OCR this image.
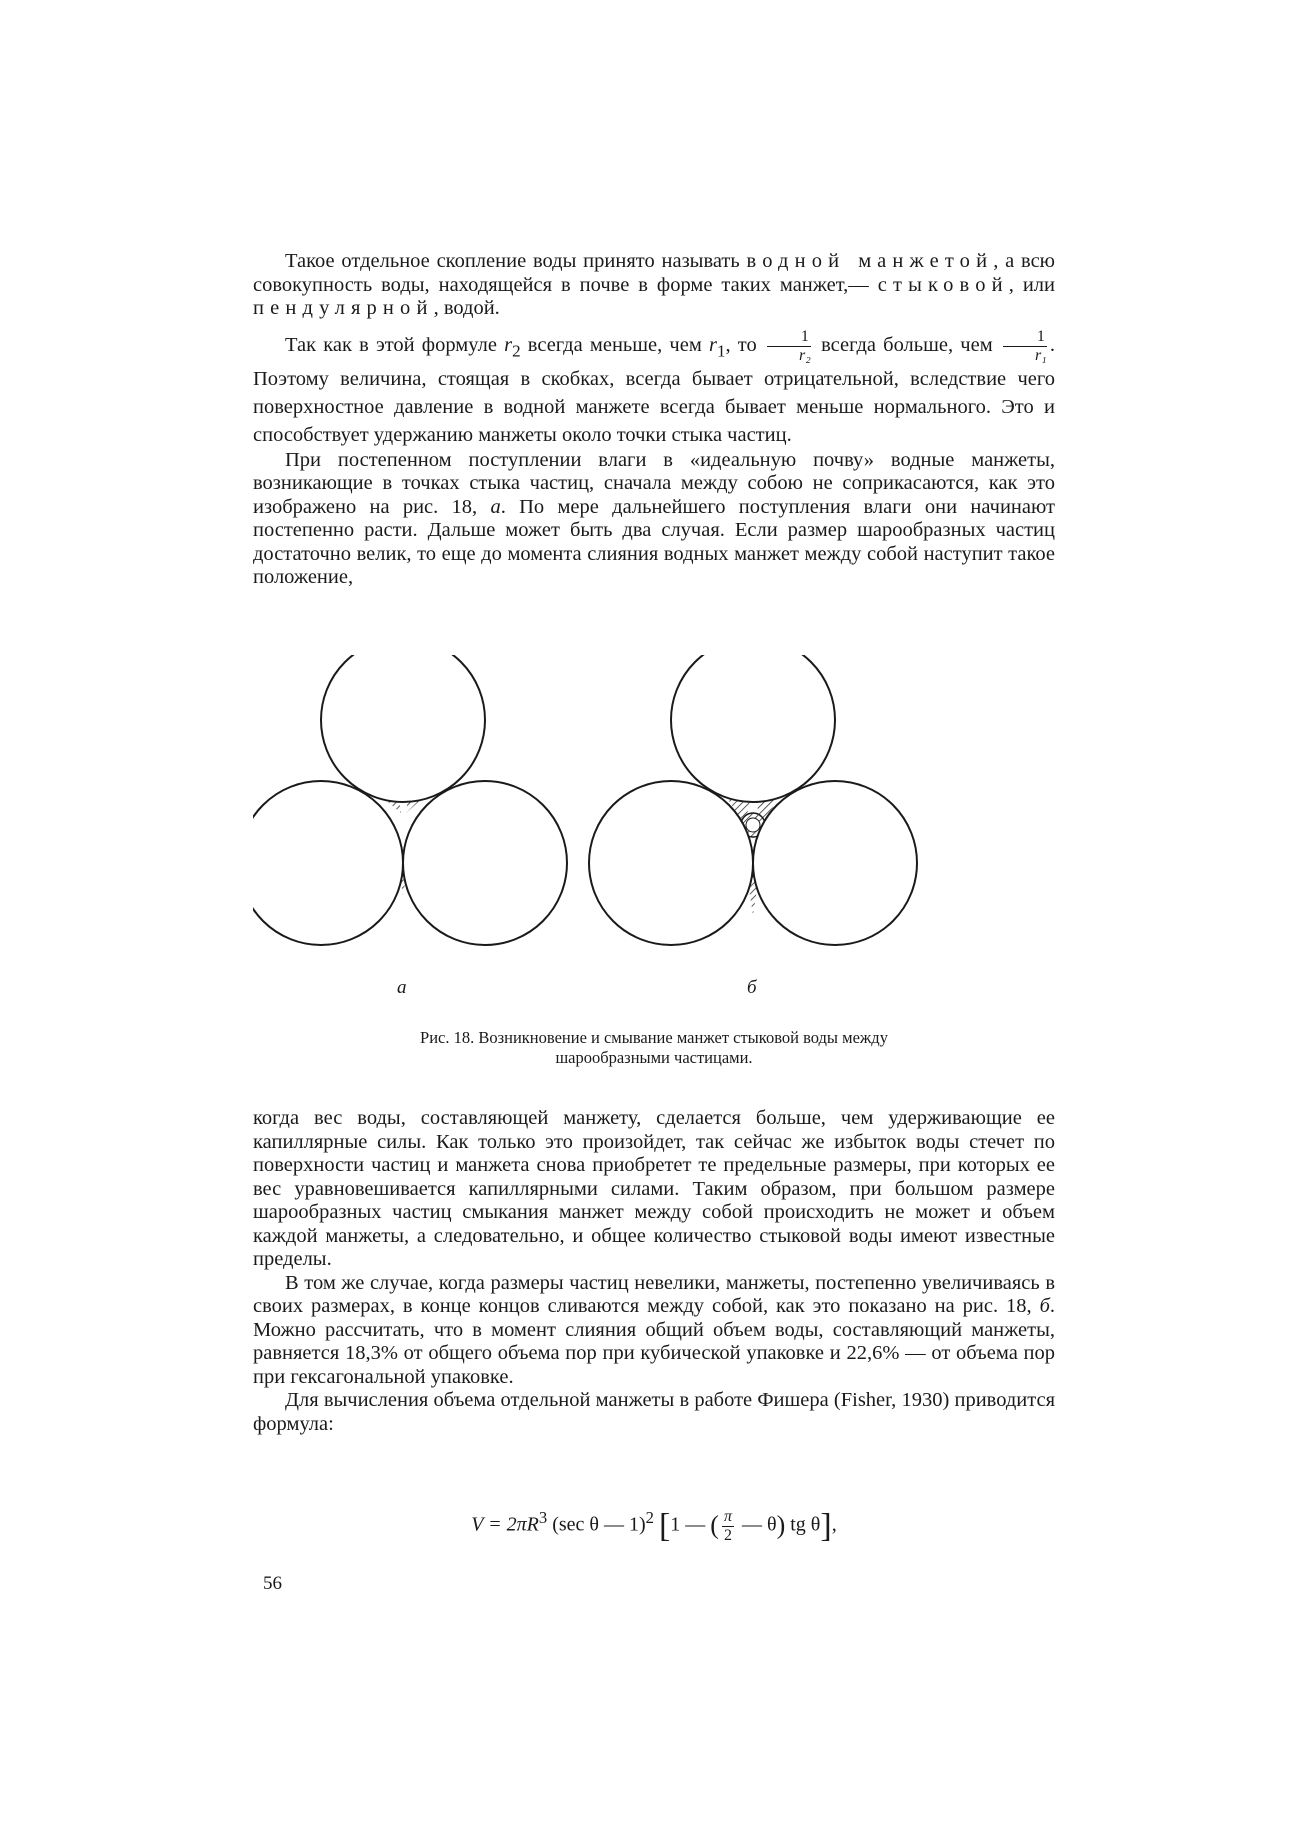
Такое отдельное скопление воды принято называть водной манжетой, а всю совокупность воды, находящейся в почве в форме таких манжет,— стыковой, или пендулярной, водой.

Так как в этой формуле $r_2$ всегда меньше, чем $r_1$, то $\frac{1}{\text{r₂}}$ всегда больше, чем $\frac{1}{\text{r₁}}$ . Поэтому величина, стоящая в скобках, всегда бывает отрицательной, вследствие чего поверхностное давление в водной манжете всегда бывает меньше нормального. Это и способствует удержанию манжеты около точки стыка частиц.

При постепенном поступлении влаги в «идеальную почву» водные манжеты, возникающие в точках стыка частиц, сначала между собою не соприкасаются, как это изображено на рис. 18, а. По мере дальнейшего поступления влаги они начинают постепенно расти. Дальше может быть два случая. Если размер шарообразных частиц достаточно велик, то еще до момента слияния водных манжет между собой наступит такое положение,

а	б
Рис. 18. Возникновение и смывание манжет стыковой воды между
шарообразными частицами.

когда вес воды, составляющей манжету, сделается больше, чем удерживающие ее капиллярные силы. Как только это произойдет, так сейчас же избыток воды стечет по поверхности частиц и манжета снова приобретет те предельные размеры, при которых ее вес уравновешивается капиллярными силами. Таким образом, при большом размере шарообразных частиц смыкания манжет между собой происходить не может и объем каждой манжеты, а следовательно, и общее количество стыковой воды имеют известные пределы.

В том же случае, когда размеры частиц невелики, манжеты, постепенно увеличиваясь в своих размерах, в конце концов сливаются между собой, как это показано на рис. 18, б. Можно рассчитать, что в момент слияния общий объем воды, составляющий манжеты, равняется 18,3% от общего объема пор при кубической упаковке и 22,6% — от объема пор при гексагональной упаковке.

Для вычисления объема отдельной манжеты в работе Фишера (Fisher, 1930) приводится формула:

$V = 2\pi R^3$ (sec θ — 1)$^2$ [1 — ( $\frac{\pi}{2}$ — θ) tg θ],
56
